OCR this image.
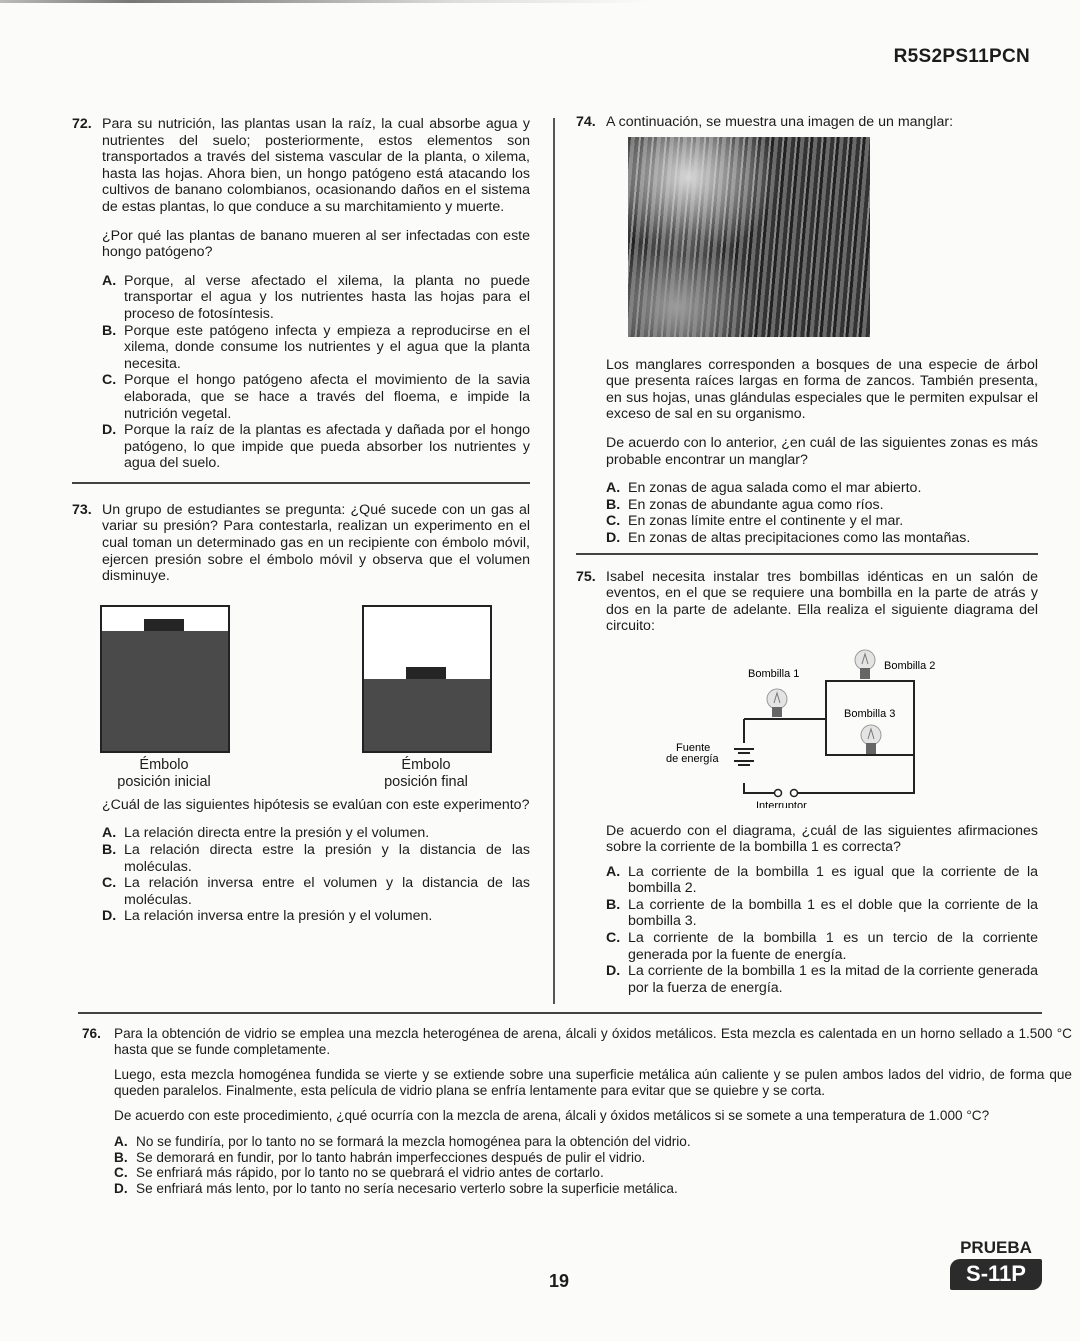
R5S2PS11PCN
72. Para su nutrición, las plantas usan la raíz, la cual absorbe agua y nutrientes del suelo; posteriormente, estos elementos son transportados a través del sistema vascular de la planta, o xilema, hasta las hojas. Ahora bien, un hongo patógeno está atacando los cultivos de banano colombianos, ocasionando daños en el sistema de estas plantas, lo que conduce a su marchitamiento y muerte.

¿Por qué las plantas de banano mueren al ser infectadas con este hongo patógeno?

A. Porque, al verse afectado el xilema, la planta no puede transportar el agua y los nutrientes hasta las hojas para el proceso de fotosíntesis.
B. Porque este patógeno infecta y empieza a reproducirse en el xilema, donde consume los nutrientes y el agua que la planta necesita.
C. Porque el hongo patógeno afecta el movimiento de la savia elaborada, que se hace a través del floema, e impide la nutrición vegetal.
D. Porque la raíz de la plantas es afectada y dañada por el hongo patógeno, lo que impide que pueda absorber los nutrientes y agua del suelo.
73. Un grupo de estudiantes se pregunta: ¿Qué sucede con un gas al variar su presión? Para contestarla, realizan un experimento en el cual toman un determinado gas en un recipiente con émbolo móvil, ejercen presión sobre el émbolo móvil y observa que el volumen disminuye.

Émbolo
posición inicial
Émbolo
posición final

¿Cuál de las siguientes hipótesis se evalúan con este experimento?

A. La relación directa entre la presión y el volumen.
B. La relación directa estre la presión y la distancia de las moléculas.
C. La relación inversa entre el volumen y la distancia de las moléculas.
D. La relación inversa entre la presión y el volumen.
74. A continuación, se muestra una imagen de un manglar:

Los manglares corresponden a bosques de una especie de árbol que presenta raíces largas en forma de zancos. También presenta, en sus hojas, unas glándulas especiales que le permiten expulsar el exceso de sal en su organismo.

De acuerdo con lo anterior, ¿en cuál de las siguientes zonas es más probable encontrar un manglar?

A. En zonas de agua salada como el mar abierto.
B. En zonas de abundante agua como ríos.
C. En zonas límite entre el continente y el mar.
D. En zonas de altas precipitaciones como las montañas.
75. Isabel necesita instalar tres bombillas idénticas en un salón de eventos, en el que se requiere una bombilla en la parte de atrás y dos en la parte de adelante. Ella realiza el siguiente diagrama del circuito:

Bombilla 1
Bombilla 2
Bombilla 3
Fuente
de energía
Interruptor

De acuerdo con el diagrama, ¿cuál de las siguientes afirmaciones sobre la corriente de la bombilla 1 es correcta?

A. La corriente de la bombilla 1 es igual que la corriente de la bombilla 2.
B. La corriente de la bombilla 1 es el doble que la corriente de la bombilla 3.
C. La corriente de la bombilla 1 es un tercio de la corriente generada por la fuente de energía.
D. La corriente de la bombilla 1 es la mitad de la corriente generada por la fuerza de energía.
76. Para la obtención de vidrio se emplea una mezcla heterogénea de arena, álcali y óxidos metálicos. Esta mezcla es calentada en un horno sellado a 1.500 °C hasta que se funde completamente.

Luego, esta mezcla homogénea fundida se vierte y se extiende sobre una superficie metálica aún caliente y se pulen ambos lados del vidrio, de forma que queden paralelos. Finalmente, esta película de vidrio plana se enfría lentamente para evitar que se quiebre y se corta.

De acuerdo con este procedimiento, ¿qué ocurría con la mezcla de arena, álcali y óxidos metálicos si se somete a una temperatura de 1.000 °C?

A. No se fundiría, por lo tanto no se formará la mezcla homogénea para la obtención del vidrio.
B. Se demorará en fundir, por lo tanto habrán imperfecciones después de pulir el vidrio.
C. Se enfriará más rápido, por lo tanto no se quebrará el vidrio antes de cortarlo.
D. Se enfriará más lento, por lo tanto no sería necesario verterlo sobre la superficie metálica.
19
PRUEBA
S-11P
